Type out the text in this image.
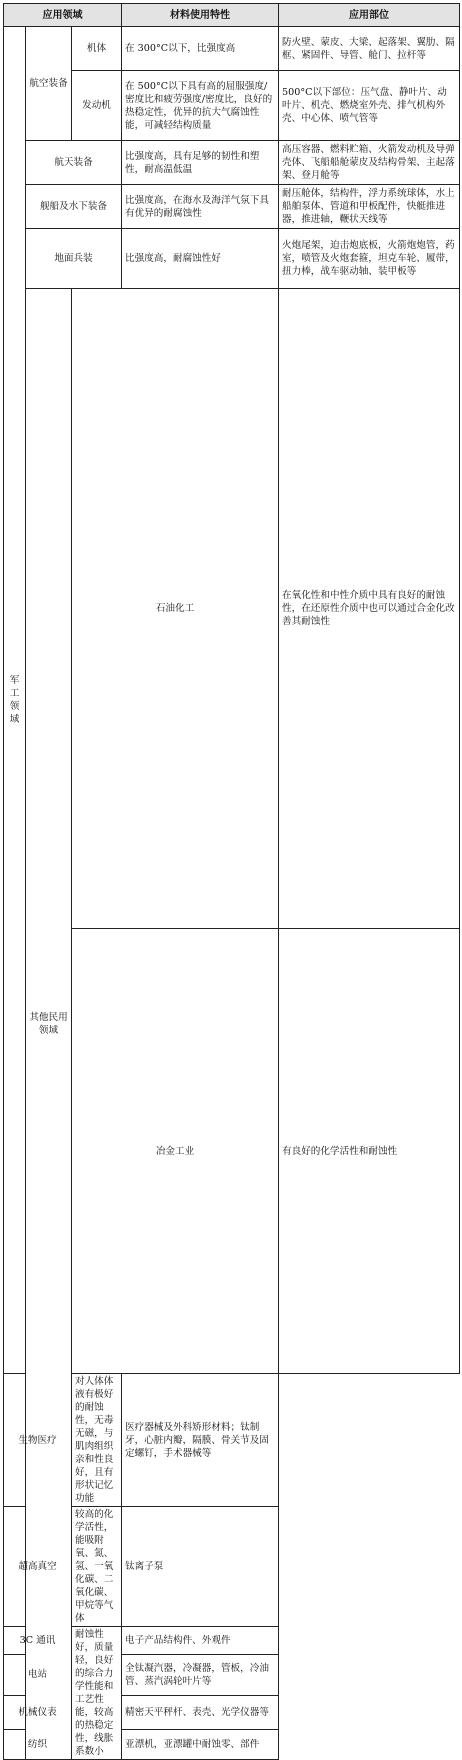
应用领域			材料使用特性	应用部位	
军工领域	航空装备	机体	在 300°C以下，比强度高	防火壁、蒙皮、大梁、起落架、翼肋、隔框、紧固件、导管、舱门、拉杆等	
		发动机	在 500°C以下具有高的屈服强度/密度比和疲劳强度/密度比，良好的热稳定性，优异的抗大气腐蚀性能，可减轻结构质量	500°C以下部位：压气盘、静叶片、动叶片、机壳、燃烧室外壳、排气机构外壳、中心体、喷气管等	
	航天装备		比强度高，具有足够的韧性和塑性，耐高温低温	高压容器、燃料贮箱、火箭发动机及导弹壳体、飞船船舱蒙皮及结构骨架、主起落架、登月舱等	
	舰船及水下装备		比强度高，在海水及海洋气氛下具有优异的耐腐蚀性	耐压舱体，结构件，浮力系统球体，水上船舶泵体、管道和甲板配件，快艇推进器，推进轴，鞭状天线等	
	地面兵装		比强度高，耐腐蚀性好	火炮尾架，迫击炮底板，火箭炮炮管，药室，喷管及火炮套箍，坦克车轮、履带，扭力棒，战车驱动轴、装甲板等	
	其他民用领域	石油化工		在氧化性和中性介质中具有良好的耐蚀性，在还原性介质中也可以通过合金化改善其耐蚀性	
		冶金工业		有良好的化学活性和耐蚀性	
生物医疗		对人体体液有极好的耐蚀性，无毒无磁，与肌肉组织亲和性良好，且有形状记忆功能	医疗器械及外科矫形材料；钛制牙，心脏内瓣，隔膜、骨关节及固定螺钉，手术器械等		
超高真空		较高的化学活性，能吸附氧、氮、氢、一氧化碳、二氧化碳、甲烷等气体	钛离子泵		
3C 通讯		耐蚀性好，质量轻，良好的综合力学性能和工艺性能，较高的热稳定性，线胀系数小	电子产品结构件、外观件		
电站			全钛凝汽器，冷凝器，管板，冷油管、蒸汽涡轮叶片等		
机械仪表			精密天平秤杆、表壳、光学仪器等		
纺织			亚漂机，亚漂罐中耐蚀零、部件		
